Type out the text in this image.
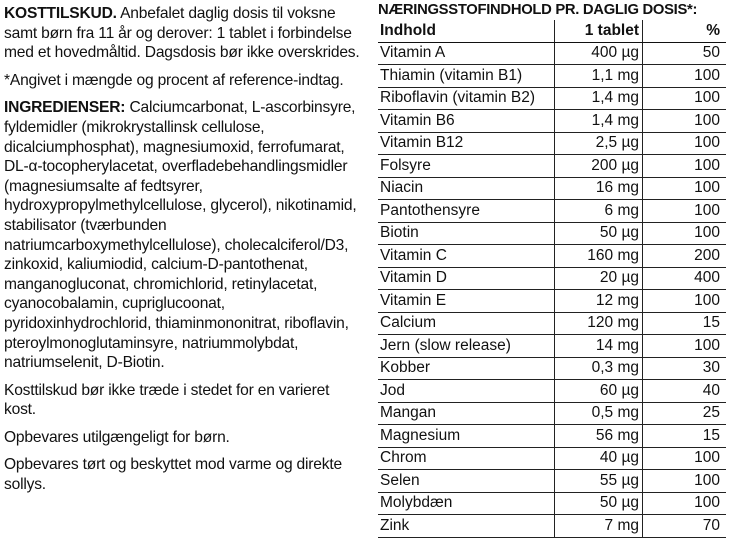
KOSTTILSKUD. Anbefalet daglig dosis til voksne samt børn fra 11 år og derover: 1 tablet i forbindelse med et hovedmåltid. Dagsdosis bør ikke overskrides.

*Angivet i mængde og procent af reference-indtag.

INGREDIENSER: Calciumcarbonat, L-ascorbinsyre, fyldemidler (mikrokrystallinsk cellulose, dicalciumphosphat), magnesiumoxid, ferrofumarat, DL-α-tocopherylacetat, overfladebehandlingsmidler (magnesiumsalte af fedtsyrer, hydroxypropylmethylcellulose, glycerol), nikotinamid, stabilisator (tværbunden natriumcarboxymethylcellulose), cholecalciferol/D3, zinkoxid, kaliumiodid, calcium-D-pantothenat, manganogluconat, chromichlorid, retinylacetat, cyanocobalamin, cupriglucoonat, pyridoxinhydrochlorid, thiaminmononitrat, riboflavin, pteroylmonoglutaminsyre, natriummolybdat, natriumselenit, D-Biotin.

Kosttilskud bør ikke træde i stedet for en varieret kost.

Opbevares utilgængeligt for børn.

Opbevares tørt og beskyttet mod varme og direkte sollys.

NÆRINGSSTOFINDHOLD PR. DAGLIG DOSIS*:
Indhold	1 tablet	%
Vitamin A	400 µg	50
Thiamin (vitamin B1)	1,1 mg	100
Riboflavin (vitamin B2)	1,4 mg	100
Vitamin B6	1,4 mg	100
Vitamin B12	2,5 µg	100
Folsyre	200 µg	100
Niacin	16 mg	100
Pantothensyre	6 mg	100
Biotin	50 µg	100
Vitamin C	160 mg	200
Vitamin D	20 µg	400
Vitamin E	12 mg	100
Calcium	120 mg	15
Jern (slow release)	14 mg	100
Kobber	0,3 mg	30
Jod	60 µg	40
Mangan	0,5 mg	25
Magnesium	56 mg	15
Chrom	40 µg	100
Selen	55 µg	100
Molybdæn	50 µg	100
Zink	7 mg	70
